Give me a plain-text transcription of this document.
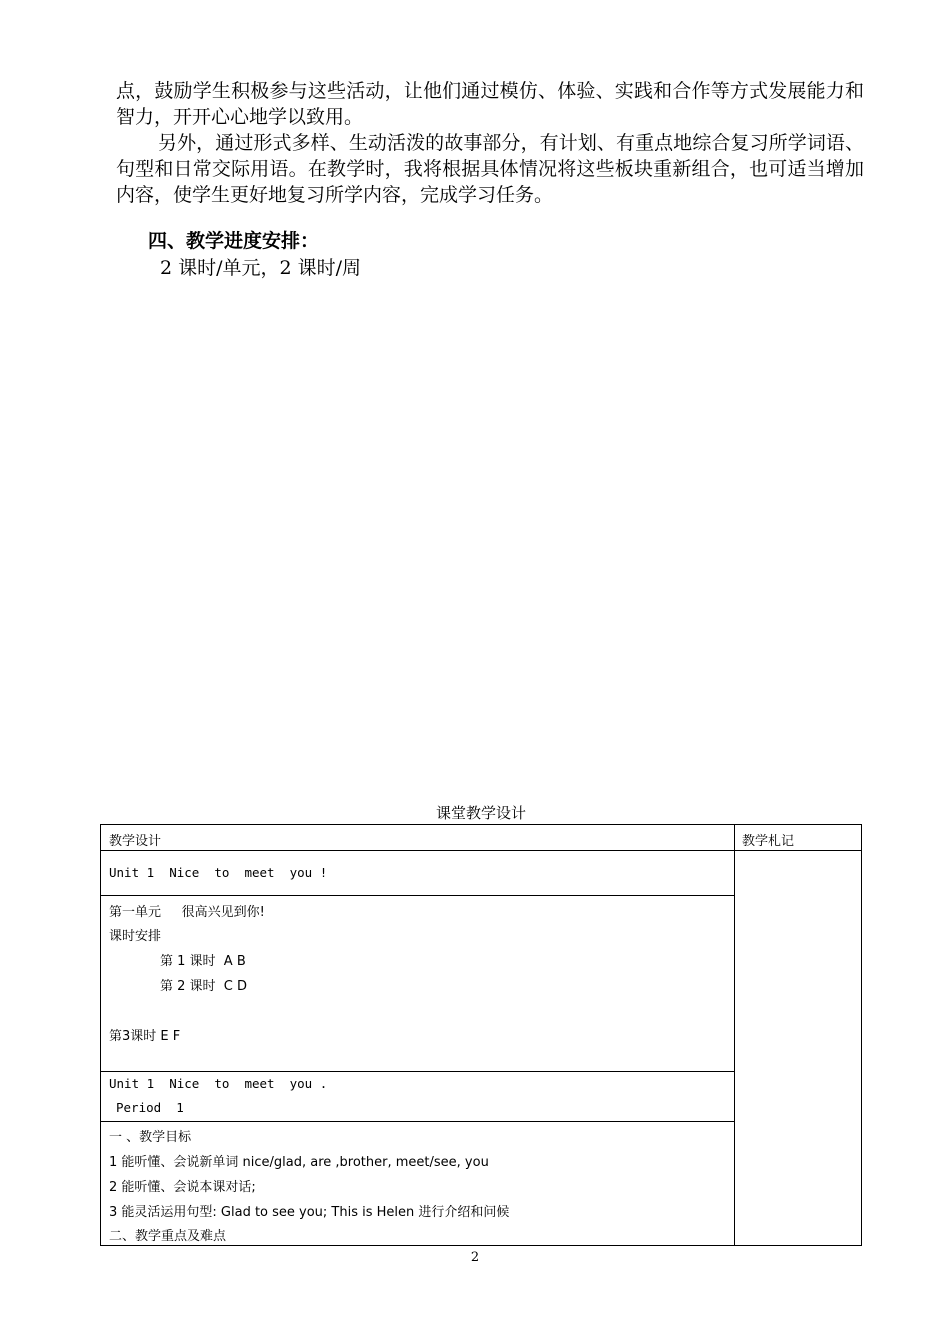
点，鼓励学生积极参与这些活动，让他们通过模仿、体验、实践和合作等方式发展能力和智力，开开心心地学以致用。

另外，通过形式多样、生动活泼的故事部分，有计划、有重点地综合复习所学词语、句型和日常交际用语。在教学时，我将根据具体情况将这些板块重新组合，也可适当增加内容，使学生更好地复习所学内容，完成学习任务。

四、教学进度安排：

2 课时/单元，2 课时/周

课堂教学设计
教学设计	教学札记
Unit 1  Nice  to  meet  you !
第一单元     很高兴见到你!
课时安排
第 1 课时  A B
第 2 课时  C D
第3课时 E F
Unit 1  Nice  to  meet  you .
Period  1
一 、教学目标
1 能听懂、会说新单词 nice/glad, are ,brother, meet/see, you
2 能听懂、会说本课对话;
3 能灵活运用句型: Glad to see you; This is Helen 进行介绍和问候
二、教学重点及难点
2
